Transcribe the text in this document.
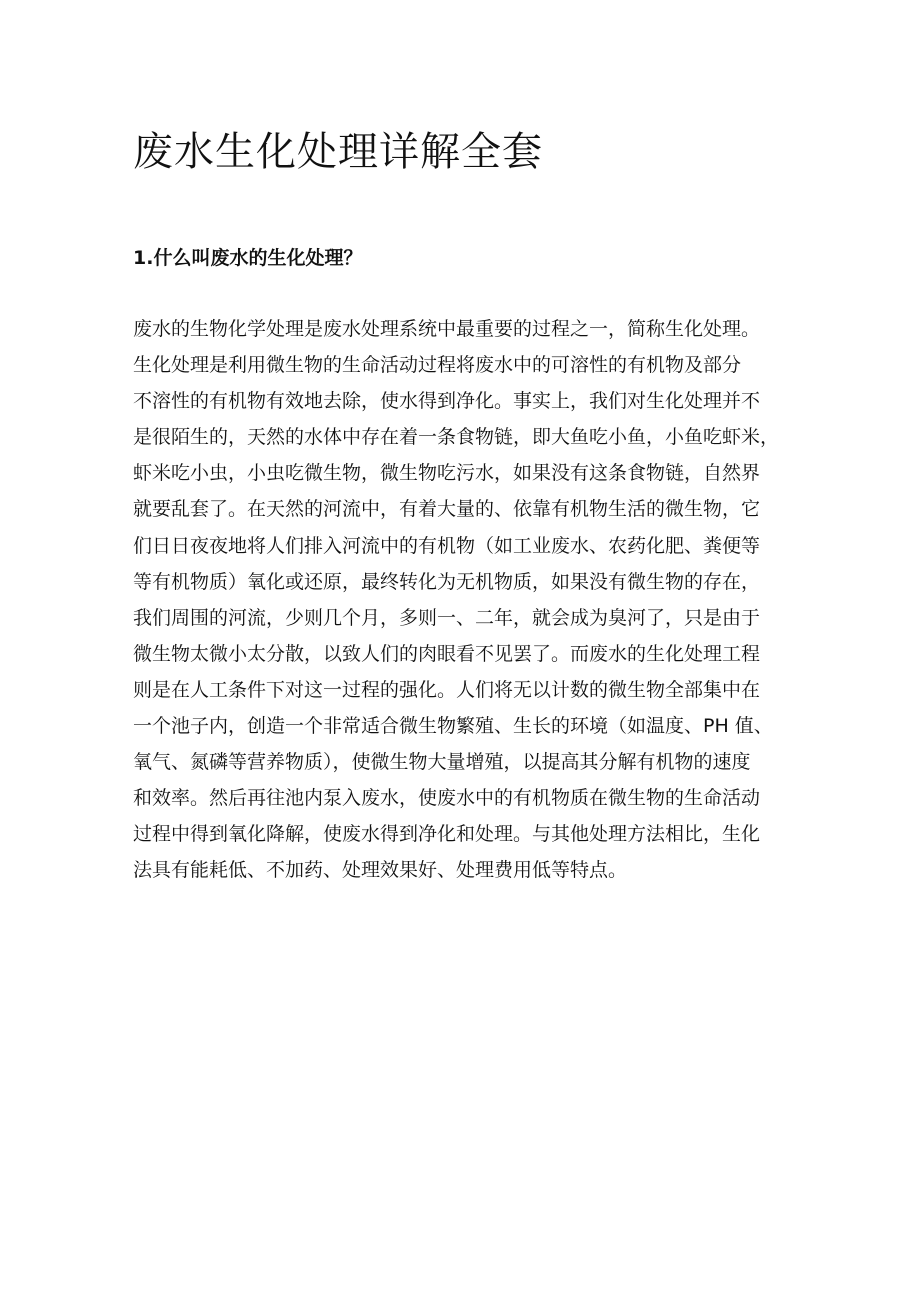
废水生化处理详解全套
1.什么叫废水的生化处理？
废水的生物化学处理是废水处理系统中最重要的过程之一，简称生化处理。
生化处理是利用微生物的生命活动过程将废水中的可溶性的有机物及部分
不溶性的有机物有效地去除，使水得到净化。事实上，我们对生化处理并不
是很陌生的，天然的水体中存在着一条食物链，即大鱼吃小鱼，小鱼吃虾米，
虾米吃小虫，小虫吃微生物，微生物吃污水，如果没有这条食物链，自然界
就要乱套了。在天然的河流中，有着大量的、依靠有机物生活的微生物，它
们日日夜夜地将人们排入河流中的有机物（如工业废水、农药化肥、粪便等
等有机物质）氧化或还原，最终转化为无机物质，如果没有微生物的存在，
我们周围的河流，少则几个月，多则一、二年，就会成为臭河了，只是由于
微生物太微小太分散，以致人们的肉眼看不见罢了。而废水的生化处理工程
则是在人工条件下对这一过程的强化。人们将无以计数的微生物全部集中在
一个池子内，创造一个非常适合微生物繁殖、生长的环境（如温度、PH 值、
氧气、氮磷等营养物质），使微生物大量增殖，以提高其分解有机物的速度
和效率。然后再往池内泵入废水，使废水中的有机物质在微生物的生命活动
过程中得到氧化降解，使废水得到净化和处理。与其他处理方法相比，生化
法具有能耗低、不加药、处理效果好、处理费用低等特点。
